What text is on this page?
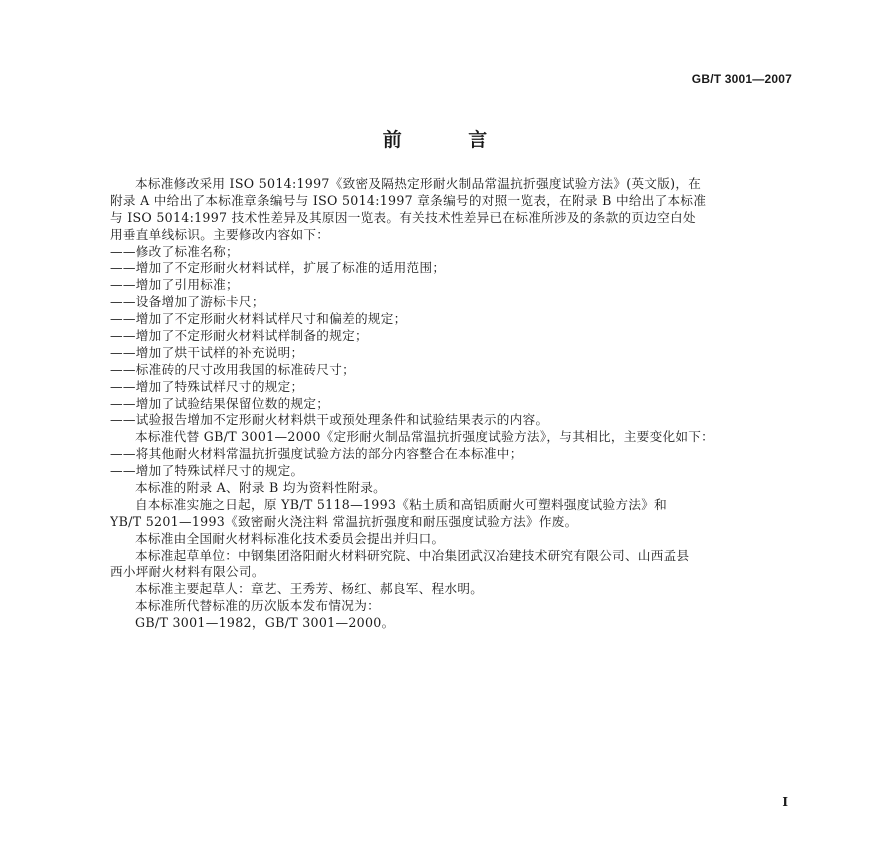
GB/T 3001—2007
前 言
本标准修改采用 ISO 5014:1997《致密及隔热定形耐火制品常温抗折强度试验方法》(英文版)，在
附录 A 中给出了本标准章条编号与 ISO 5014:1997 章条编号的对照一览表，在附录 B 中给出了本标准
与 ISO 5014:1997 技术性差异及其原因一览表。有关技术性差异已在标准所涉及的条款的页边空白处
用垂直单线标识。主要修改内容如下：
——修改了标准名称；
——增加了不定形耐火材料试样，扩展了标准的适用范围；
——增加了引用标准；
——设备增加了游标卡尺；
——增加了不定形耐火材料试样尺寸和偏差的规定；
——增加了不定形耐火材料试样制备的规定；
——增加了烘干试样的补充说明；
——标准砖的尺寸改用我国的标准砖尺寸；
——增加了特殊试样尺寸的规定；
——增加了试验结果保留位数的规定；
——试验报告增加不定形耐火材料烘干或预处理条件和试验结果表示的内容。
本标准代替 GB/T 3001—2000《定形耐火制品常温抗折强度试验方法》，与其相比，主要变化如下：
——将其他耐火材料常温抗折强度试验方法的部分内容整合在本标准中；
——增加了特殊试样尺寸的规定。
本标准的附录 A、附录 B 均为资料性附录。
自本标准实施之日起，原 YB/T 5118—1993《粘土质和高铝质耐火可塑料强度试验方法》和
YB/T 5201—1993《致密耐火浇注料 常温抗折强度和耐压强度试验方法》作废。
本标准由全国耐火材料标准化技术委员会提出并归口。
本标准起草单位：中钢集团洛阳耐火材料研究院、中冶集团武汉冶建技术研究有限公司、山西孟县
西小坪耐火材料有限公司。
本标准主要起草人：章艺、王秀芳、杨红、郝良军、程水明。
本标准所代替标准的历次版本发布情况为：
GB/T 3001—1982，GB/T 3001—2000。
I
